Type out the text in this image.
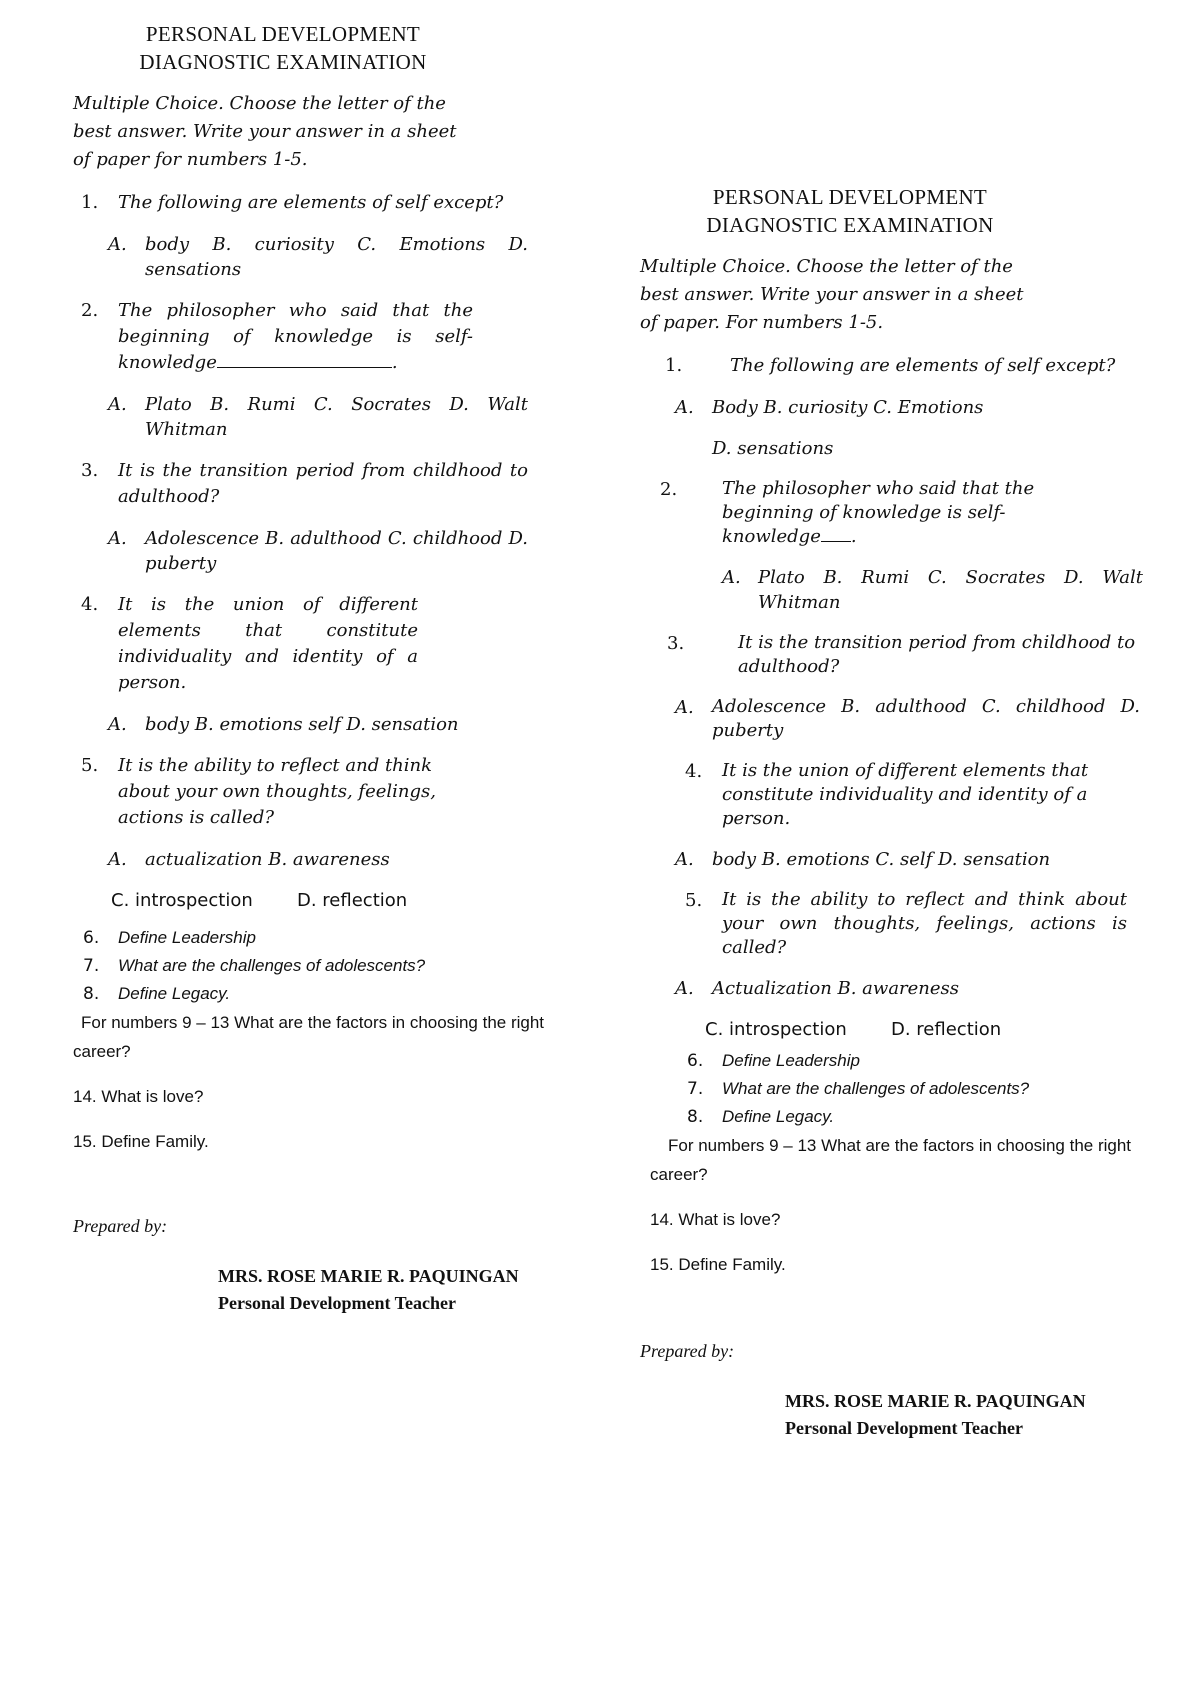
PERSONAL DEVELOPMENT
DIAGNOSTIC EXAMINATION
Multiple Choice. Choose the letter of the best answer. Write your answer in a sheet of paper for numbers 1-5.
1. The following are elements of self except?
A. body B. curiosity C. Emotions D. sensations
2. The philosopher who said that the beginning of knowledge is self-knowledge	.
A. Plato B. Rumi C. Socrates D. Walt Whitman
3. It is the transition period from childhood to adulthood?
A. Adolescence B. adulthood C. childhood D. puberty
4. It is the union of different elements that constitute individuality and identity of a person.
A. body B. emotions self D. sensation
5. It is the ability to reflect and think about your own thoughts, feelings, actions is called?
A. actualization B. awareness
C. introspection D. reflection
6. Define Leadership
7. What are the challenges of adolescents?
8. Define Legacy.
For numbers 9 – 13 What are the factors in choosing the right career?
14. What is love?
15. Define Family.
Prepared by:
MRS. ROSE MARIE R. PAQUINGAN
Personal Development Teacher
PERSONAL DEVELOPMENT
DIAGNOSTIC EXAMINATION
Multiple Choice. Choose the letter of the best answer. Write your answer in a sheet of paper. For numbers 1-5.
1.	The following are elements of self except?
A. Body B. curiosity C. Emotions
D. sensations
2. The philosopher who said that the beginning of knowledge is self-knowledge .
A. Plato B. Rumi C. Socrates D. Walt Whitman
3.	It is the transition period from childhood to adulthood?
A. Adolescence B. adulthood C. childhood D. puberty
4. It is the union of different elements that constitute individuality and identity of a person.
A. body B. emotions C. self D. sensation
5. It is the ability to reflect and think about your own thoughts, feelings, actions is called?
A. Actualization B. awareness
C. introspection D. reflection
6. Define Leadership
7. What are the challenges of adolescents?
8. Define Legacy.
For numbers 9 – 13 What are the factors in choosing the right career?
14. What is love?
15. Define Family.
Prepared by:
MRS. ROSE MARIE R. PAQUINGAN
Personal Development Teacher
